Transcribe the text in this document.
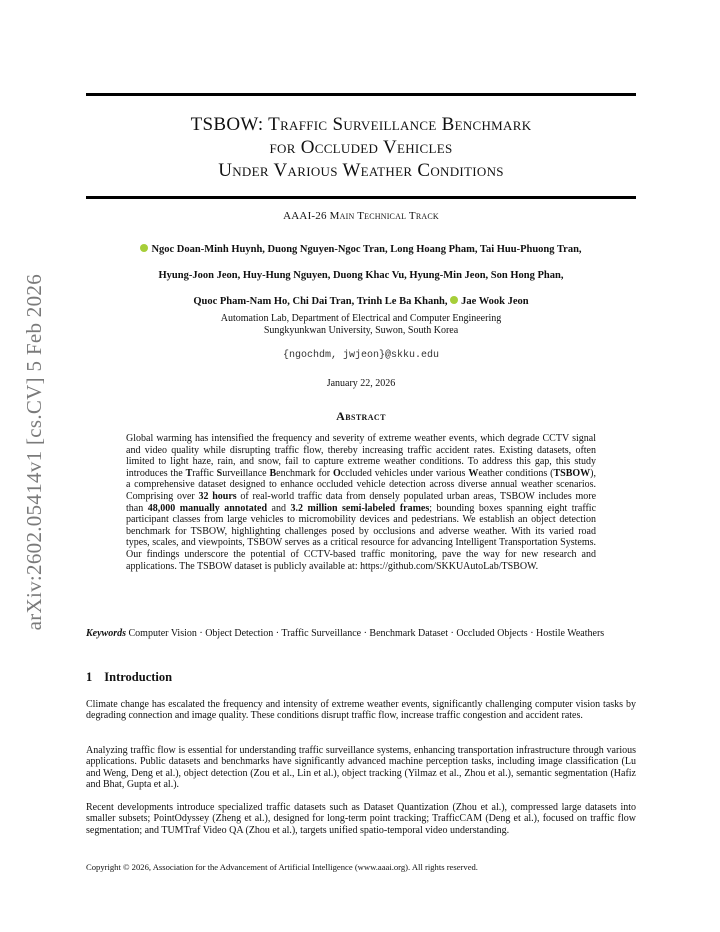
arXiv:2602.05414v1 [cs.CV] 5 Feb 2026
TSBOW: Traffic Surveillance Benchmark
for Occluded Vehicles
Under Various Weather Conditions
AAAI-26 Main Technical Track
Ngoc Doan-Minh Huynh, Duong Nguyen-Ngoc Tran, Long Hoang Pham, Tai Huu-Phuong Tran,
Hyung-Joon Jeon, Huy-Hung Nguyen, Duong Khac Vu, Hyung-Min Jeon, Son Hong Phan,
Quoc Pham-Nam Ho, Chi Dai Tran, Trinh Le Ba Khanh, Jae Wook Jeon
Automation Lab, Department of Electrical and Computer Engineering
Sungkyunkwan University, Suwon, South Korea
{ngochdm, jwjeon}@skku.edu
January 22, 2026
Abstract
Global warming has intensified the frequency and severity of extreme weather events, which degrade CCTV signal and video quality while disrupting traffic flow, thereby increasing traffic accident rates. Existing datasets, often limited to light haze, rain, and snow, fail to capture extreme weather conditions. To address this gap, this study introduces the Traffic Surveillance Benchmark for Occluded vehicles under various Weather conditions (TSBOW), a comprehensive dataset designed to enhance occluded vehicle detection across diverse annual weather scenarios. Comprising over 32 hours of real-world traffic data from densely populated urban areas, TSBOW includes more than 48,000 manually annotated and 3.2 million semi-labeled frames; bounding boxes spanning eight traffic participant classes from large vehicles to micromobility devices and pedestrians. We establish an object detection benchmark for TSBOW, highlighting challenges posed by occlusions and adverse weather. With its varied road types, scales, and viewpoints, TSBOW serves as a critical resource for advancing Intelligent Transportation Systems. Our findings underscore the potential of CCTV-based traffic monitoring, pave the way for new research and applications. The TSBOW dataset is publicly available at: https://github.com/SKKUAutoLab/TSBOW.
Keywords Computer Vision · Object Detection · Traffic Surveillance · Benchmark Dataset · Occluded Objects · Hostile Weathers
1 Introduction
Climate change has escalated the frequency and intensity of extreme weather events, significantly challenging computer vision tasks by degrading connection and image quality. These conditions disrupt traffic flow, increase traffic congestion and accident rates.
Analyzing traffic flow is essential for understanding traffic surveillance systems, enhancing transportation infrastructure through various applications. Public datasets and benchmarks have significantly advanced machine perception tasks, including image classification (Lu and Weng, Deng et al.), object detection (Zou et al., Lin et al.), object tracking (Yilmaz et al., Zhou et al.), semantic segmentation (Hafiz and Bhat, Gupta et al.).
Recent developments introduce specialized traffic datasets such as Dataset Quantization (Zhou et al.), compressed large datasets into smaller subsets; PointOdyssey (Zheng et al.), designed for long-term point tracking; TrafficCAM (Deng et al.), focused on traffic flow segmentation; and TUMTraf Video QA (Zhou et al.), targets unified spatio-temporal video understanding.
Copyright © 2026, Association for the Advancement of Artificial Intelligence (www.aaai.org). All rights reserved.
